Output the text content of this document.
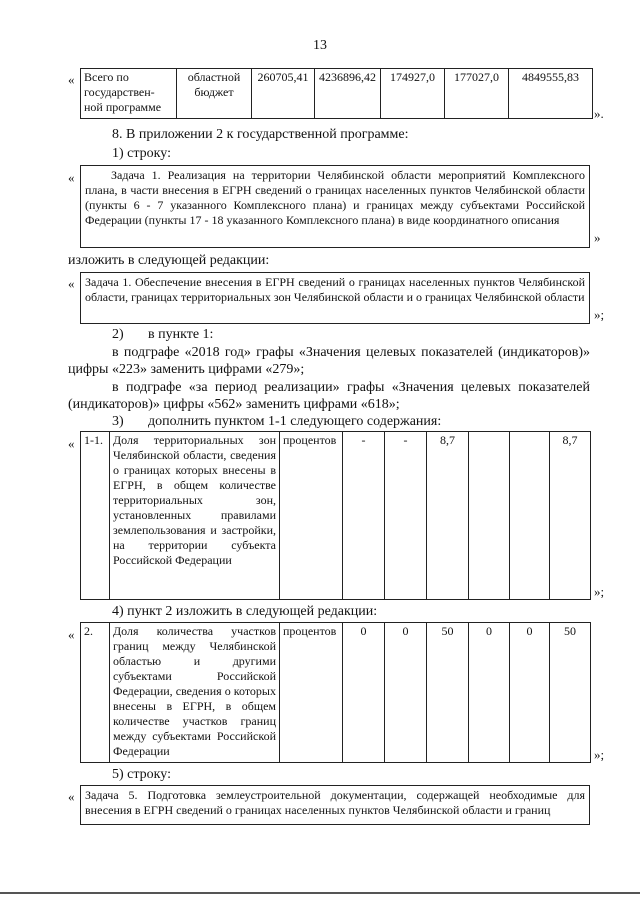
13
« Всего по государствен-ной программе	областной бюджет	260705,41	4236896,42	174927,0	177027,0	4849555,83
».
8. В приложении 2 к государственной программе:
1) строку:
«	Задача 1. Реализация на территории Челябинской области мероприятий Комплексного плана, в части внесения в ЕГРН сведений о границах населенных пунктов Челябинской области (пункты 6 - 7 указанного Комплексного плана) и границах между субъектами Российской Федерации (пункты 17 - 18 указанного Комплексного плана) в виде координатного описания
»
изложить в следующей редакции:
« Задача 1. Обеспечение внесения в ЕГРН сведений о границах населенных пунктов Челябинской области, границах территориальных зон Челябинской области и о границах Челябинской области
»;
2) в пункте 1:
в подграфе «2018 год» графы «Значения целевых показателей (индикаторов)» цифры «223» заменить цифрами «279»;
в подграфе «за период реализации» графы «Значения целевых показателей (индикаторов)» цифры «562» заменить цифрами «618»;
3) дополнить пунктом 1-1 следующего содержания:
« 1-1.	Доля территориальных зон Челябинской области, сведения о границах которых внесены в ЕГРН, в общем количестве территориальных зон, установленных правилами землепользования и застройки, на территории субъекта Российской Федерации	процентов	-	-	8,7			8,7
»;
4) пункт 2 изложить в следующей редакции:
« 2.	Доля количества участков границ между Челябинской областью и другими субъектами Российской Федерации, сведения о которых внесены в ЕГРН, в общем количестве участков границ между субъектами Российской Федерации	процентов	0	0	50	0	0	50
»;
5) строку:
« Задача 5. Подготовка землеустроительной документации, содержащей необходимые для внесения в ЕГРН сведений о границах населенных пунктов Челябинской области и границ
